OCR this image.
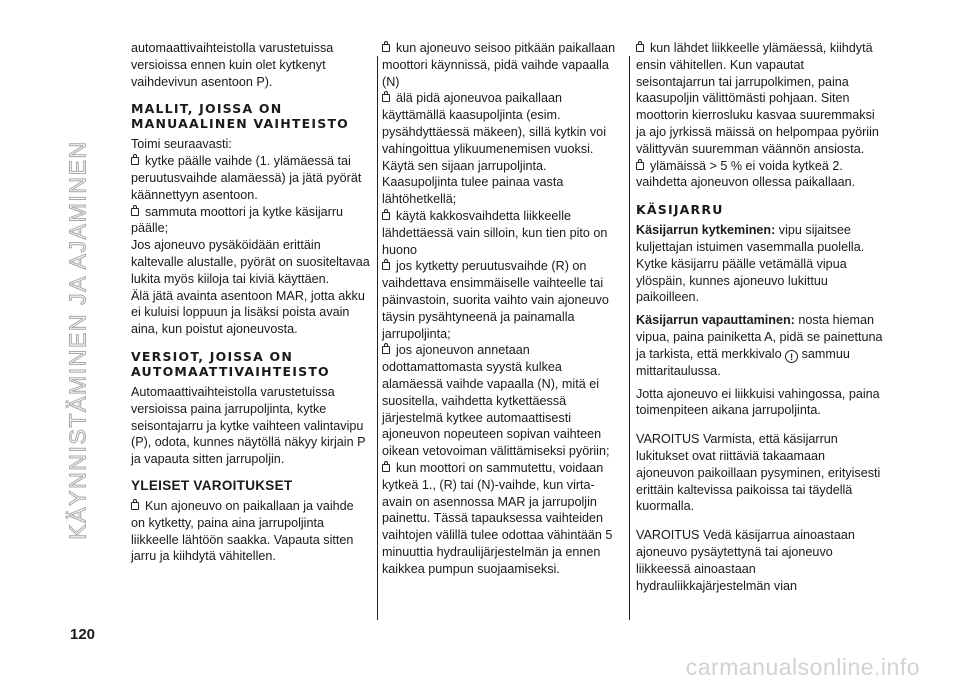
KÄYNNISTÄMINEN JA AJAMINEN
120

automaattivaihteistolla varustetuissa versioissa ennen kuin olet kytkenyt vaihdevivun asentoon P).

MALLIT, JOISSA ON MANUAALINEN VAIHTEISTO

Toimi seuraavasti:

kytke päälle vaihde (1. ylämäessä tai peruutusvaihde alamäessä) ja jätä pyörät käännettyyn asentoon.

sammuta moottori ja kytke käsijarru päälle;

Jos ajoneuvo pysäköidään erittäin kaltevalle alustalle, pyörät on suositeltavaa lukita myös kiiloja tai kiviä käyttäen.

Älä jätä avainta asentoon MAR, jotta akku ei kuluisi loppuun ja lisäksi poista avain aina, kun poistut ajoneuvosta.

VERSIOT, JOISSA ON AUTOMAATTIVAIHTEISTO

Automaattivaihteistolla varustetuissa versioissa paina jarrupoljinta, kytke seisontajarru ja kytke vaihteen valintavipu (P), odota, kunnes näytöllä näkyy kirjain P ja vapauta sitten jarrupoljin.

YLEISET VAROITUKSET

Kun ajoneuvo on paikallaan ja vaihde on kytketty, paina aina jarrupoljinta liikkeelle lähtöön saakka. Vapauta sitten jarru ja kiihdytä vähitellen.

kun ajoneuvo seisoo pitkään paikallaan moottori käynnissä, pidä vaihde vapaalla (N)

älä pidä ajoneuvoa paikallaan käyttämällä kaasupoljinta (esim. pysähdyttäessä mäkeen), sillä kytkin voi vahingoittua ylikuumenemisen vuoksi. Käytä sen sijaan jarrupoljinta. Kaasupoljinta tulee painaa vasta lähtöhetkellä;

käytä kakkosvaihdetta liikkeelle lähdettäessä vain silloin, kun tien pito on huono

jos kytketty peruutusvaihde (R) on vaihdettava ensimmäiselle vaihteelle tai päinvastoin, suorita vaihto vain ajoneuvo täysin pysähtyneenä ja painamalla jarrupoljinta;

jos ajoneuvon annetaan odottamattomasta syystä kulkea alamäessä vaihde vapaalla (N), mitä ei suositella, vaihdetta kytkettäessä järjestelmä kytkee automaattisesti ajoneuvon nopeuteen sopivan vaihteen oikean vetovoiman välittämiseksi pyöriin;

kun moottori on sammutettu, voidaan kytkeä 1., (R) tai (N)-vaihde, kun virta-avain on asennossa MAR ja jarrupoljin painettu. Tässä tapauksessa vaihteiden vaihtojen välillä tulee odottaa vähintään 5 minuuttia hydraulijärjestelmän ja ennen kaikkea pumpun suojaamiseksi.

kun lähdet liikkeelle ylämäessä, kiihdytä ensin vähitellen. Kun vapautat seisontajarrun tai jarrupolkimen, paina kaasupoljin välittömästi pohjaan. Siten moottorin kierrosluku kasvaa suuremmaksi ja ajo jyrkissä mäissä on helpompaa pyöriin välittyvän suuremman väännön ansiosta.

ylämäissä > 5 % ei voida kytkeä 2. vaihdetta ajoneuvon ollessa paikallaan.

KÄSIJARRU

Käsijarrun kytkeminen: vipu sijaitsee kuljettajan istuimen vasemmalla puolella. Kytke käsijarru päälle vetämällä vipua ylöspäin, kunnes ajoneuvo lukittuu paikoilleen.

Käsijarrun vapauttaminen: nosta hieman vipua, paina painiketta A, pidä se painettuna ja tarkista, että merkkivalo ! sammuu mittaritaulussa.

Jotta ajoneuvo ei liikkuisi vahingossa, paina toimenpiteen aikana jarrupoljinta.

VAROITUS Varmista, että käsijarrun lukitukset ovat riittäviä takaamaan ajoneuvon paikoillaan pysyminen, erityisesti erittäin kaltevissa paikoissa tai täydellä kuormalla.

VAROITUS Vedä käsijarrua ainoastaan ajoneuvo pysäytettynä tai ajoneuvo liikkeessä ainoastaan hydrauliikkajärjestelmän vian

carmanualsonline.info
